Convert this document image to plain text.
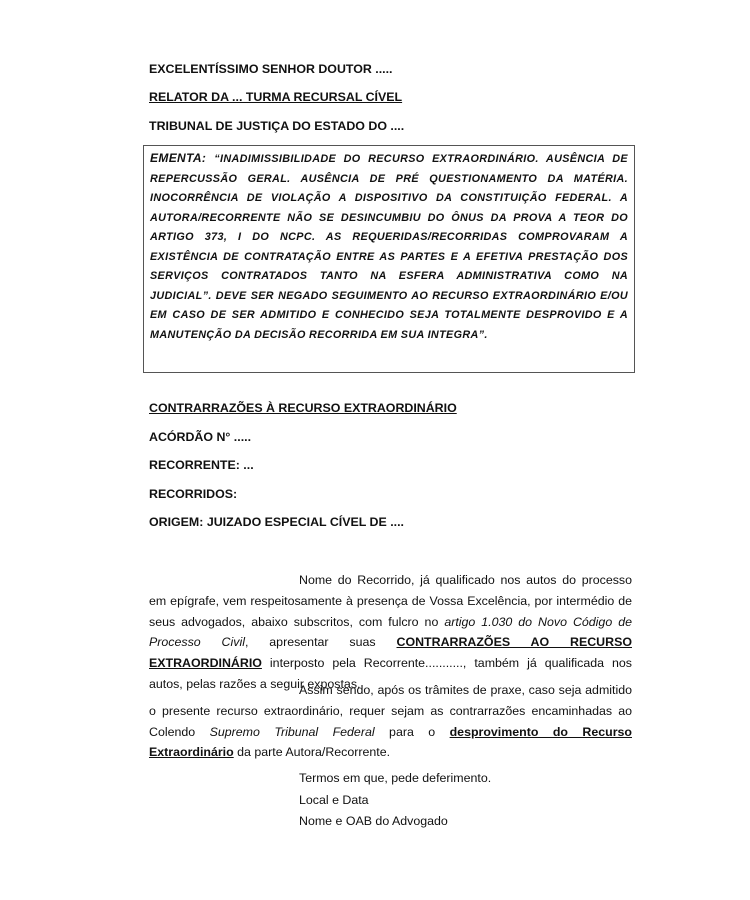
EXCELENTÍSSIMO SENHOR DOUTOR .....
RELATOR DA ... TURMA RECURSAL CÍVEL
TRIBUNAL DE JUSTIÇA DO ESTADO DO ....
EMENTA: “INADIMISSIBILIDADE DO RECURSO EXTRAORDINÁRIO. AUSÊNCIA DE REPERCUSSÃO GERAL. AUSÊNCIA DE PRÉ QUESTIONAMENTO DA MATÉRIA. INOCORRÊNCIA DE VIOLAÇÃO A DISPOSITIVO DA CONSTITUIÇÃO FEDERAL. A AUTORA/RECORRENTE NÃO SE DESINCUMBIU DO ÔNUS DA PROVA A TEOR DO ARTIGO 373, I DO NCPC. AS REQUERIDAS/RECORRIDAS COMPROVARAM A EXISTÊNCIA DE CONTRATAÇÃO ENTRE AS PARTES E A EFETIVA PRESTAÇÃO DOS SERVIÇOS CONTRATADOS TANTO NA ESFERA ADMINISTRATIVA COMO NA JUDICIAL”. DEVE SER NEGADO SEGUIMENTO AO RECURSO EXTRAORDINÁRIO E/OU EM CASO DE SER ADMITIDO E CONHECIDO SEJA TOTALMENTE DESPROVIDO E A MANUTENÇÃO DA DECISÃO RECORRIDA EM SUA INTEGRA”.
CONTRARRAZÕES À RECURSO EXTRAORDINÁRIO
ACÓRDÃO N° .....
RECORRENTE: ...
RECORRIDOS:
ORIGEM: JUIZADO ESPECIAL CÍVEL DE ....
Nome do Recorrido, já qualificado nos autos do processo em epígrafe, vem respeitosamente à presença de Vossa Excelência, por intermédio de seus advogados, abaixo subscritos, com fulcro no artigo 1.030 do Novo Código de Processo Civil, apresentar suas CONTRARRAZÕES AO RECURSO EXTRAORDINÁRIO interposto pela Recorrente..........., também já qualificada nos autos, pelas razões a seguir expostas.
Assim sendo, após os trâmites de praxe, caso seja admitido o presente recurso extraordinário, requer sejam as contrarrazões encaminhadas ao Colendo Supremo Tribunal Federal para o desprovimento do Recurso Extraordinário da parte Autora/Recorrente.
Termos em que, pede deferimento.
Local e Data
Nome e OAB do Advogado
